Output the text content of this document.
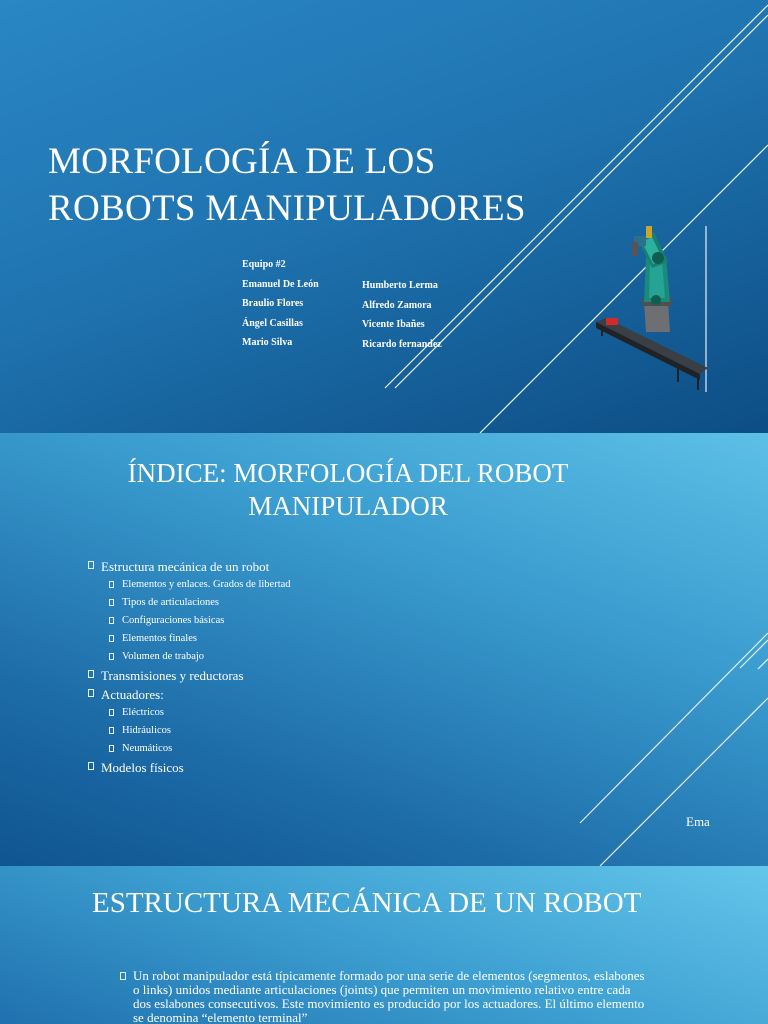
MORFOLOGÍA DE LOS ROBOTS MANIPULADORES
Equipo #2
Emanuel De León
Braulio Flores
Ángel Casillas
Mario Silva
Humberto Lerma
Alfredo Zamora
Vicente Ibañes
Ricardo fernandez
ÍNDICE: MORFOLOGÍA DEL ROBOT MANIPULADOR
Estructura mecánica de un robot
Elementos y enlaces. Grados de libertad
Tipos de articulaciones
Configuraciones básicas
Elementos finales
Volumen de trabajo
Transmisiones y reductoras
Actuadores:
Eléctricos
Hidráulicos
Neumáticos
Modelos físicos
Ema
ESTRUCTURA MECÁNICA DE UN ROBOT
Un robot manipulador está típicamente formado por una serie de elementos (segmentos, eslabones o links) unidos mediante articulaciones (joints) que permiten un movimiento relativo entre cada dos eslabones consecutivos. Este movimiento es producido por los actuadores. El último elemento se denomina “elemento terminal”
